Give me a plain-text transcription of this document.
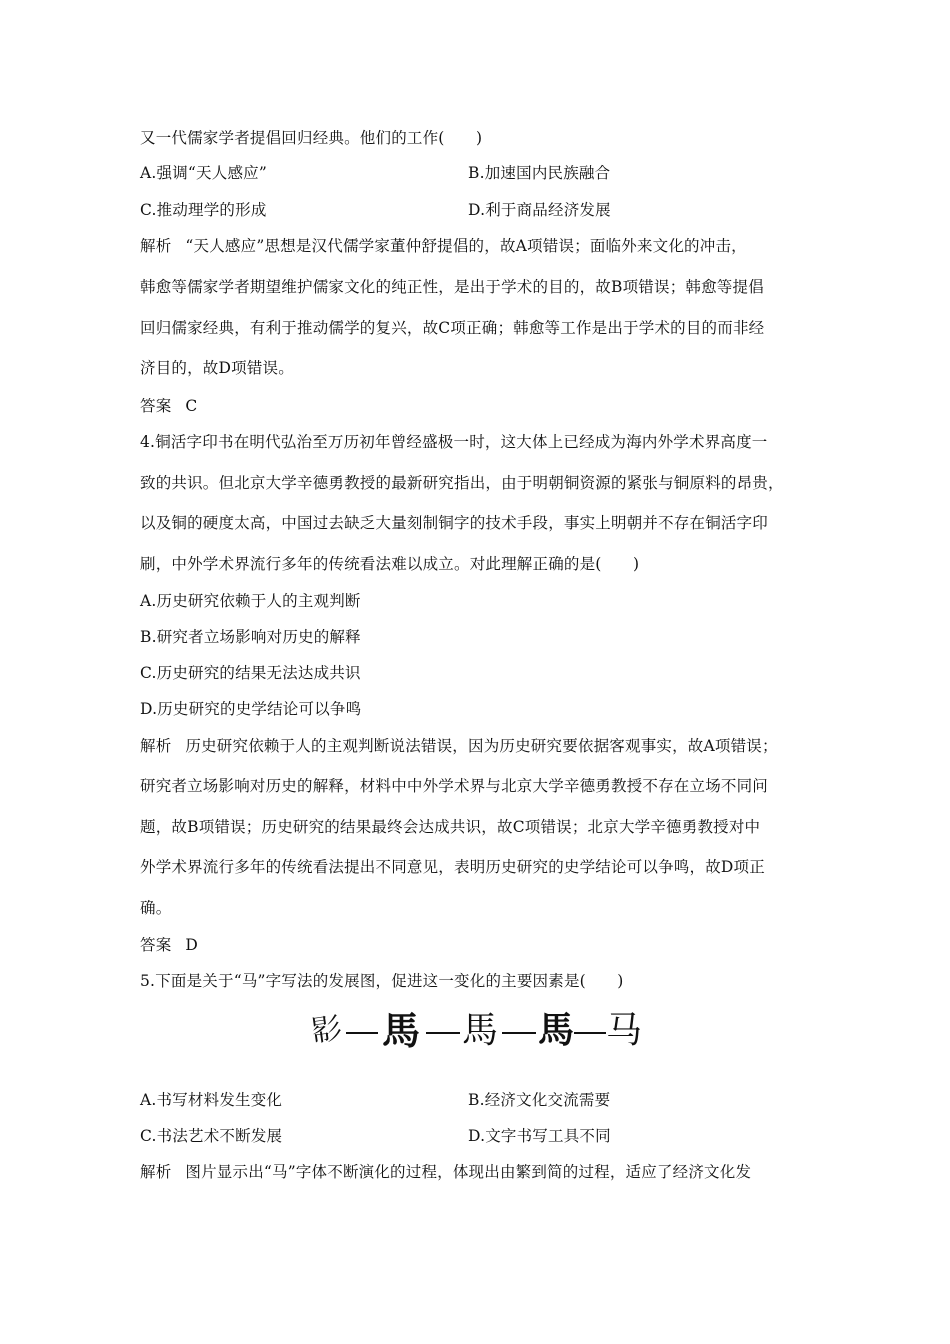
又一代儒家学者提倡回归经典。他们的工作(　　)
A.强调“天人感应”	B.加速国内民族融合
C.推动理学的形成	D.利于商品经济发展
解析 “天人感应”思想是汉代儒学家董仲舒提倡的，故A项错误；面临外来文化的冲击，
韩愈等儒家学者期望维护儒家文化的纯正性，是出于学术的目的，故B项错误；韩愈等提倡
回归儒家经典，有利于推动儒学的复兴，故C项正确；韩愈等工作是出于学术的目的而非经
济目的，故D项错误。
答案 C
4.铜活字印书在明代弘治至万历初年曾经盛极一时，这大体上已经成为海内外学术界高度一
致的共识。但北京大学辛德勇教授的最新研究指出，由于明朝铜资源的紧张与铜原料的昂贵，
以及铜的硬度太高，中国过去缺乏大量刻制铜字的技术手段，事实上明朝并不存在铜活字印
刷，中外学术界流行多年的传统看法难以成立。对此理解正确的是(　　)
A.历史研究依赖于人的主观判断
B.研究者立场影响对历史的解释
C.历史研究的结果无法达成共识
D.历史研究的史学结论可以争鸣
解析 历史研究依赖于人的主观判断说法错误，因为历史研究要依据客观事实，故A项错误；
研究者立场影响对历史的解释，材料中中外学术界与北京大学辛德勇教授不存在立场不同问
题，故B项错误；历史研究的结果最终会达成共识，故C项错误；北京大学辛德勇教授对中
外学术界流行多年的传统看法提出不同意见，表明历史研究的史学结论可以争鸣，故D项正
确。
答案 D
5.下面是关于“马”字写法的发展图，促进这一变化的主要因素是(　　)
𢒠 馬 馬 馬 马
A.书写材料发生变化	B.经济文化交流需要
C.书法艺术不断发展	D.文字书写工具不同
解析 图片显示出“马”字体不断演化的过程，体现出由繁到简的过程，适应了经济文化发
